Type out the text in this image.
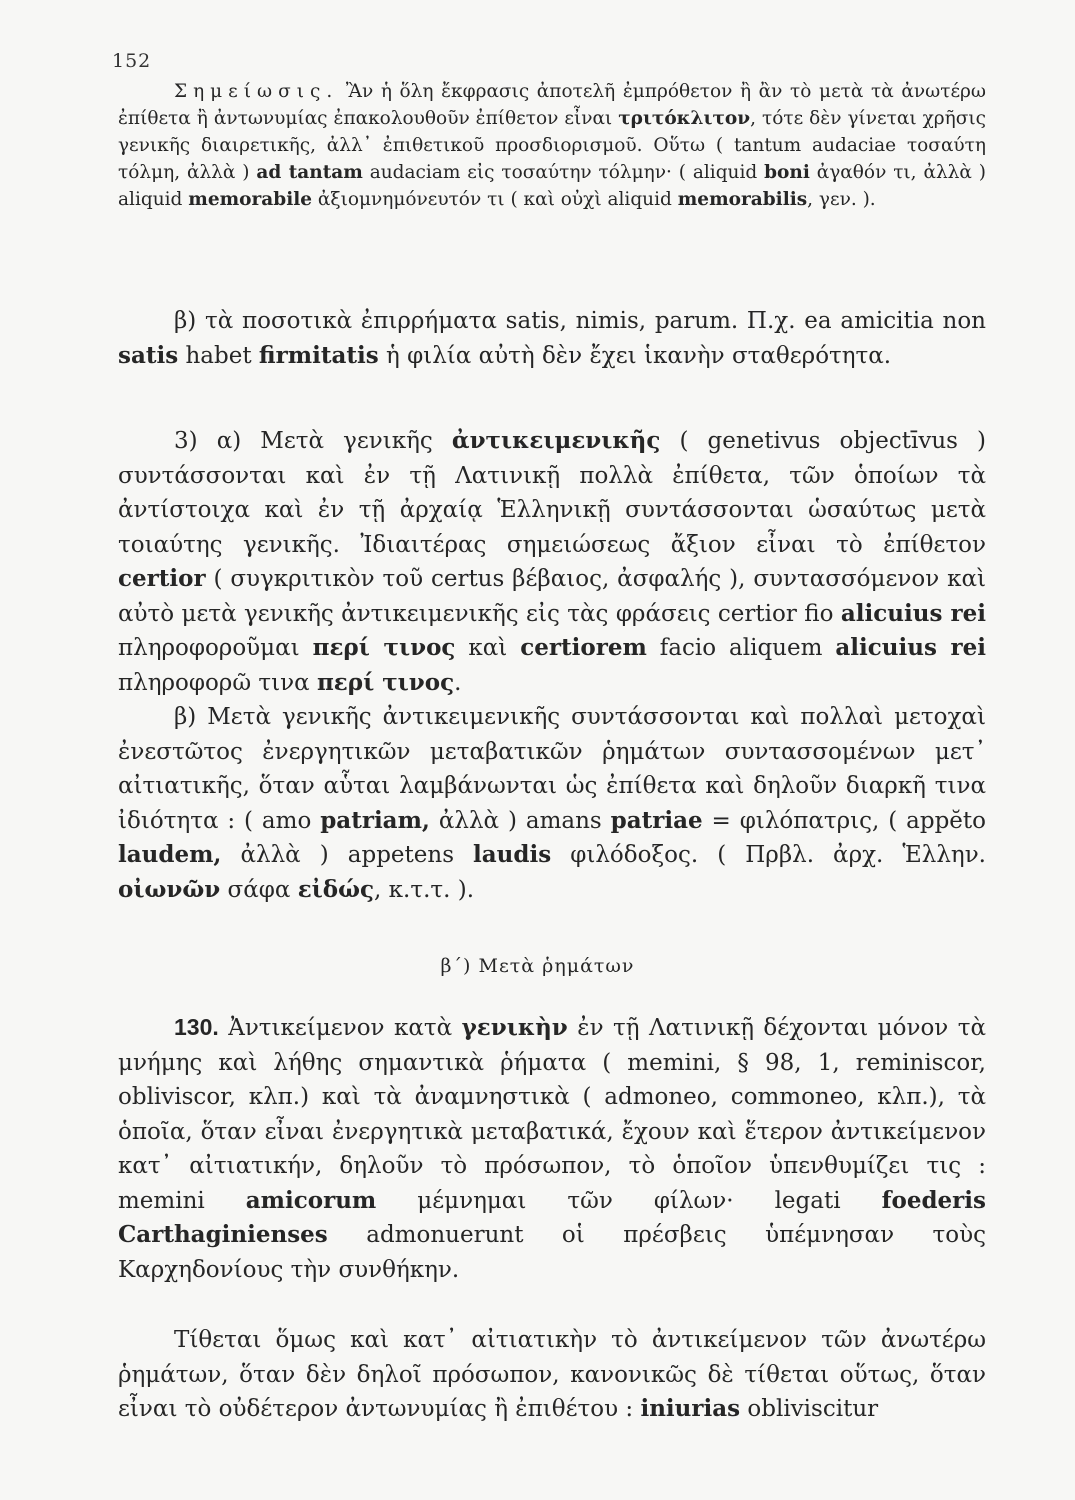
152
Σημείωσις. Ἂν ἡ ὅλη ἔκφρασις ἀποτελῆ ἐμπρόθετον ἢ ἂν τὸ μετὰ τὰ ἀνωτέρω ἐπίθετα ἢ ἀντωνυμίας ἐπακολουθοῦν ἐπίθετον εἶναι τριτόκλιτον, τότε δὲν γίνεται χρῆσις γενικῆς διαιρετικῆς, ἀλλ᾽ ἐπιθετικοῦ προσδιορισμοῦ. Οὕτω ( tantum audaciae τοσαύτη τόλμη, ἀλλὰ ) ad tantam audaciam εἰς τοσαύτην τόλμην· ( aliquid boni ἀγαθόν τι, ἀλλὰ ) aliquid memorabile ἀξιομνημόνευτόν τι ( καὶ οὐχὶ aliquid memorabilis, γεν. ).
β) τὰ ποσοτικὰ ἐπιρρήματα satis, nimis, parum. Π.χ. ea amicitia non satis habet firmitatis ἡ φιλία αὐτὴ δὲν ἔχει ἱκανὴν σταθερότητα.
3) α) Μετὰ γενικῆς ἀντικειμενικῆς ( genetivus objectīvus ) συντάσσονται καὶ ἐν τῇ Λατινικῇ πολλὰ ἐπίθετα, τῶν ὁποίων τὰ ἀντίστοιχα καὶ ἐν τῇ ἀρχαίᾳ Ἑλληνικῇ συντάσσονται ὡσαύτως μετὰ τοιαύτης γενικῆς. Ἰδιαιτέρας σημειώσεως ἄξιον εἶναι τὸ ἐπίθετον certior ( συγκριτικὸν τοῦ certus βέβαιος, ἀσφαλής ), συντασσόμενον καὶ αὐτὸ μετὰ γενικῆς ἀντικειμενικῆς εἰς τὰς φράσεις certior fio alicuius rei πληροφοροῦμαι περί τινος καὶ certiorem facio aliquem alicuius rei πληροφορῶ τινα περί τινος.
β) Μετὰ γενικῆς ἀντικειμενικῆς συντάσσονται καὶ πολλαὶ μετοχαὶ ἐνεστῶτος ἐνεργητικῶν μεταβατικῶν ῥημάτων συντασσομένων μετ᾽ αἰτιατικῆς, ὅταν αὗται λαμβάνωνται ὡς ἐπίθετα καὶ δηλοῦν διαρκῆ τινα ἰδιότητα : ( amo patriam, ἀλλὰ ) amans patriae = φιλόπατρις, ( appĕto laudem, ἀλλὰ ) appetens laudis φιλόδοξος. ( Πρβλ. ἀρχ. Ἑλλην. οἰωνῶν σάφα εἰδώς, κ.τ.τ. ).
β΄) Μετὰ ῥημάτων
130. Ἀντικείμενον κατὰ γενικὴν ἐν τῇ Λατινικῇ δέχονται μόνον τὰ μνήμης καὶ λήθης σημαντικὰ ῥήματα ( memini, § 98, 1, reminiscor, obliviscor, κλπ.) καὶ τὰ ἀναμνηστικὰ ( admoneo, commoneo, κλπ.), τὰ ὁποῖα, ὅταν εἶναι ἐνεργητικὰ μεταβατικά, ἔχουν καὶ ἕτερον ἀντικείμενον κατ᾽ αἰτιατικήν, δηλοῦν τὸ πρόσωπον, τὸ ὁποῖον ὑπενθυμίζει τις : memini amicorum μέμνημαι τῶν φίλων· legati foederis Carthaginienses admonuerunt οἱ πρέσβεις ὑπέμνησαν τοὺς Καρχηδονίους τὴν συνθήκην.
Τίθεται ὅμως καὶ κατ᾽ αἰτιατικὴν τὸ ἀντικείμενον τῶν ἀνωτέρω ῥημάτων, ὅταν δὲν δηλοῖ πρόσωπον, κανονικῶς δὲ τίθεται οὕτως, ὅταν εἶναι τὸ οὐδέτερον ἀντωνυμίας ἢ ἐπιθέτου : iniurias obliviscitur
